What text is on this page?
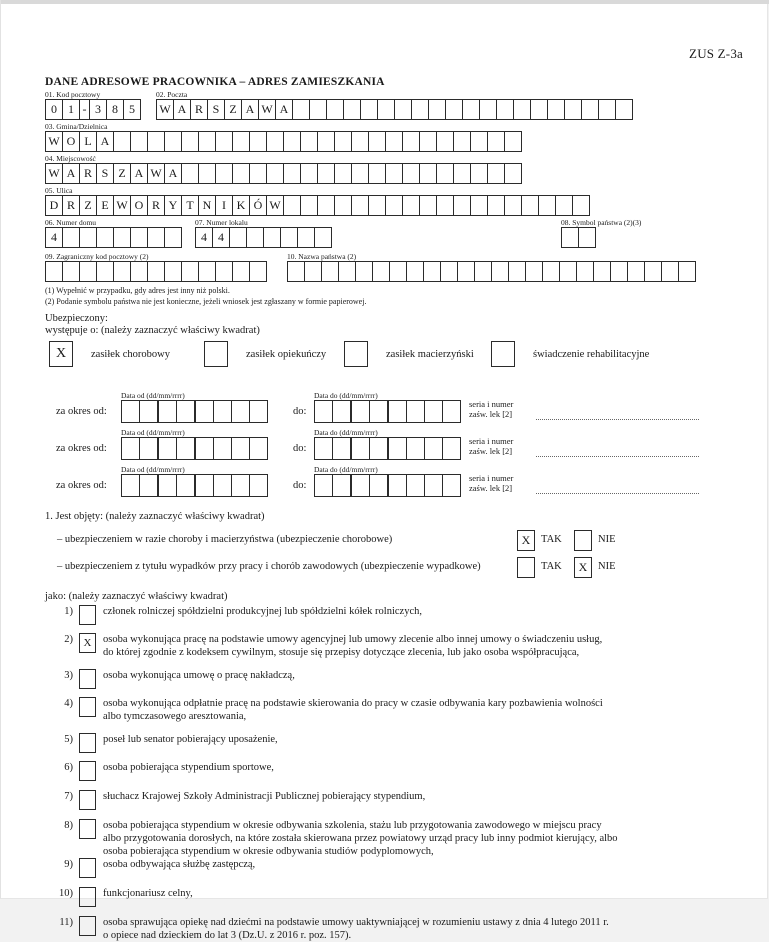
ZUS Z-3a
DANE ADRESOWE PRACOWNIKA – ADRES ZAMIESZKANIA
01. Kod pocztowy
0 1 - 3 8 5
02. Poczta
W A R S Z A W A
03. Gmina/Dzielnica
W O L A
04. Miejscowość
W A R S Z A W A
05. Ulica
D R Z E W O R Y T N I K Ó W
06. Numer domu
4
07. Numer lokalu
4 4
08. Symbol państwa (2)(3)
09. Zagraniczny kod pocztowy (2)	10. Nazwa państwa (2)
(1) Wypełnić w przypadku, gdy adres jest inny niż polski.
(2) Podanie symbolu państwa nie jest konieczne, jeżeli wniosek jest zgłaszany w formie papierowej.
Ubezpieczony:
występuje o: (należy zaznaczyć właściwy kwadrat)
X	zasiłek chorobowy	zasiłek opiekuńczy	zasiłek macierzyński	świadczenie rehabilitacyjne
za okres od:
Data od (dd/mm/rrrr)
do:
Data do (dd/mm/rrrr)
seria i numer
zaśw. lek [2]
za okres od:
Data od (dd/mm/rrrr)
do:
Data do (dd/mm/rrrr)
seria i numer
zaśw. lek [2]
za okres od:
Data od (dd/mm/rrrr)
do:
Data do (dd/mm/rrrr)
seria i numer
zaśw. lek [2]
1. Jest objęty: (należy zaznaczyć właściwy kwadrat)
– ubezpieczeniem w razie choroby i macierzyństwa (ubezpieczenie chorobowe)	X	TAK	NIE
– ubezpieczeniem z tytułu wypadków przy pracy i chorób zawodowych (ubezpieczenie wypadkowe)	TAK	X	NIE
jako: (należy zaznaczyć właściwy kwadrat)
1)	członek rolniczej spółdzielni produkcyjnej lub spółdzielni kółek rolniczych,
2) X	osoba wykonująca pracę na podstawie umowy agencyjnej lub umowy zlecenie albo innej umowy o świadczeniu usług,
do której zgodnie z kodeksem cywilnym, stosuje się przepisy dotyczące zlecenia, lub jako osoba współpracująca,
3)	osoba wykonująca umowę o pracę nakładczą,
4)	osoba wykonująca odpłatnie pracę na podstawie skierowania do pracy w czasie odbywania kary pozbawienia wolności
albo tymczasowego aresztowania,
5)	poseł lub senator pobierający uposażenie,
6)	osoba pobierająca stypendium sportowe,
7)	słuchacz Krajowej Szkoły Administracji Publicznej pobierający stypendium,
8)	osoba pobierająca stypendium w okresie odbywania szkolenia, stażu lub przygotowania zawodowego w miejscu pracy
albo przygotowania dorosłych, na które została skierowana przez powiatowy urząd pracy lub inny podmiot kierujący, albo
osoba pobierająca stypendium w okresie odbywania studiów podyplomowych,
9)	osoba odbywająca służbę zastępczą,
10)	funkcjonariusz celny,
11)	osoba sprawująca opiekę nad dziećmi na podstawie umowy uaktywniającej w rozumieniu ustawy z dnia 4 lutego 2011 r.
o opiece nad dzieckiem do lat 3 (Dz.U. z 2016 r. poz. 157).
